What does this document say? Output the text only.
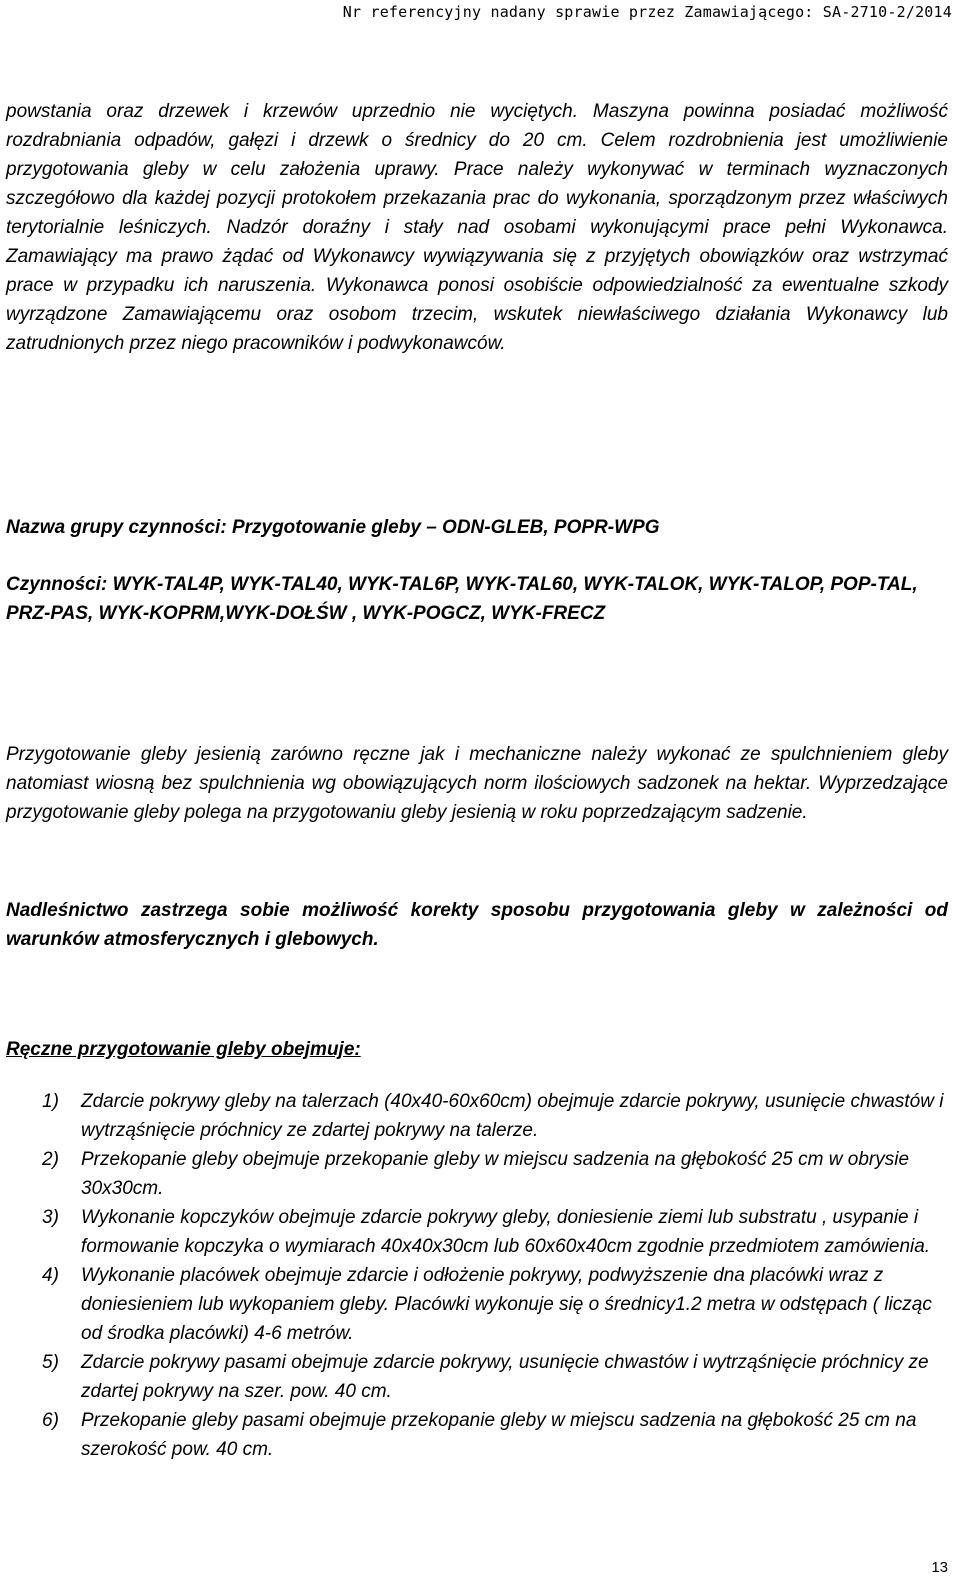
Nr referencyjny nadany sprawie przez Zamawiającego: SA-2710-2/2014

powstania oraz drzewek i krzewów uprzednio nie wyciętych. Maszyna powinna posiadać możliwość rozdrabniania odpadów, gałęzi i drzewk o średnicy do 20 cm. Celem rozdrobnienia jest umożliwienie przygotowania gleby w celu założenia uprawy. Prace należy wykonywać w terminach wyznaczonych szczegółowo dla każdej pozycji protokołem przekazania prac do wykonania, sporządzonym przez właściwych terytorialnie leśniczych. Nadzór doraźny i stały nad osobami wykonującymi prace pełni Wykonawca. Zamawiający ma prawo żądać od Wykonawcy wywiązywania się z przyjętych obowiązków oraz wstrzymać prace w przypadku ich naruszenia. Wykonawca ponosi osobiście odpowiedzialność za ewentualne szkody wyrządzone Zamawiającemu oraz osobom trzecim, wskutek niewłaściwego działania Wykonawcy lub zatrudnionych przez niego pracowników i podwykonawców.

Nazwa grupy czynności: Przygotowanie gleby – ODN-GLEB, POPR-WPG

Czynności: WYK-TAL4P, WYK-TAL40, WYK-TAL6P, WYK-TAL60, WYK-TALOK, WYK-TALOP, POP-TAL, PRZ-PAS, WYK-KOPRM,WYK-DOŁŚW , WYK-POGCZ, WYK-FRECZ

Przygotowanie gleby jesienią zarówno ręczne jak i mechaniczne należy wykonać ze spulchnieniem gleby natomiast wiosną bez spulchnienia wg obowiązujących norm ilościowych sadzonek na hektar. Wyprzedzające przygotowanie gleby polega na przygotowaniu gleby jesienią w roku poprzedzającym sadzenie.

Nadleśnictwo zastrzega sobie możliwość korekty sposobu przygotowania gleby w zależności od warunków atmosferycznych i glebowych.

Ręczne przygotowanie gleby obejmuje:

1) Zdarcie pokrywy gleby na talerzach (40x40-60x60cm) obejmuje zdarcie pokrywy, usunięcie chwastów i wytrząśnięcie próchnicy ze zdartej pokrywy na talerze.
2) Przekopanie gleby obejmuje przekopanie gleby w miejscu sadzenia na głębokość 25 cm w obrysie 30x30cm.
3) Wykonanie kopczyków obejmuje zdarcie pokrywy gleby, doniesienie ziemi lub substratu , usypanie i formowanie kopczyka o wymiarach 40x40x30cm lub 60x60x40cm zgodnie przedmiotem zamówienia.
4) Wykonanie placówek obejmuje zdarcie i odłożenie pokrywy, podwyższenie dna placówki wraz z doniesieniem lub wykopaniem gleby. Placówki wykonuje się o średnicy1.2 metra w odstępach ( licząc od środka placówki) 4-6 metrów.
5) Zdarcie pokrywy pasami obejmuje zdarcie pokrywy, usunięcie chwastów i wytrząśnięcie próchnicy ze zdartej pokrywy na szer. pow. 40 cm.
6) Przekopanie gleby pasami obejmuje przekopanie gleby w miejscu sadzenia na głębokość 25 cm na szerokość pow. 40 cm.
13
